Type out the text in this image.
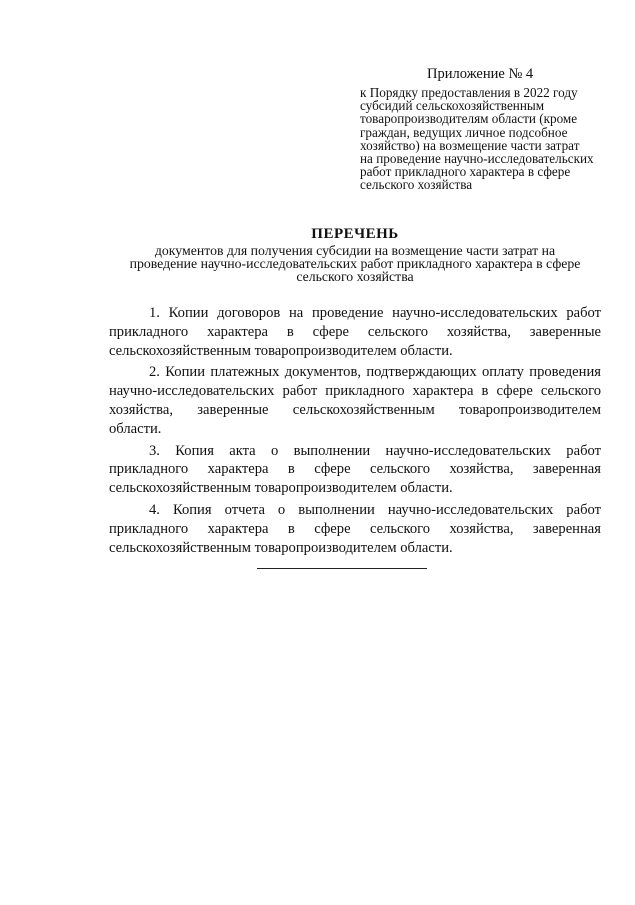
Приложение № 4
к Порядку предоставления в 2022 году
субсидий сельскохозяйственным
товаропроизводителям области (кроме
граждан, ведущих личное подсобное
хозяйство) на возмещение части затрат
на проведение научно-исследовательских
работ прикладного характера в сфере
сельского хозяйства
ПЕРЕЧЕНЬ
документов для получения субсидии на возмещение части затрат на
проведение научно-исследовательских работ прикладного характера в сфере
сельского хозяйства
1. Копии договоров на проведение научно-исследовательских работ
прикладного характера в сфере сельского хозяйства, заверенные
сельскохозяйственным товаропроизводителем области.
2. Копии платежных документов, подтверждающих оплату проведения
научно-исследовательских работ прикладного характера в сфере сельского
хозяйства, заверенные сельскохозяйственным товаропроизводителем
области.
3. Копия акта о выполнении научно-исследовательских работ
прикладного характера в сфере сельского хозяйства, заверенная
сельскохозяйственным товаропроизводителем области.
4. Копия отчета о выполнении научно-исследовательских работ
прикладного характера в сфере сельского хозяйства, заверенная
сельскохозяйственным товаропроизводителем области.
